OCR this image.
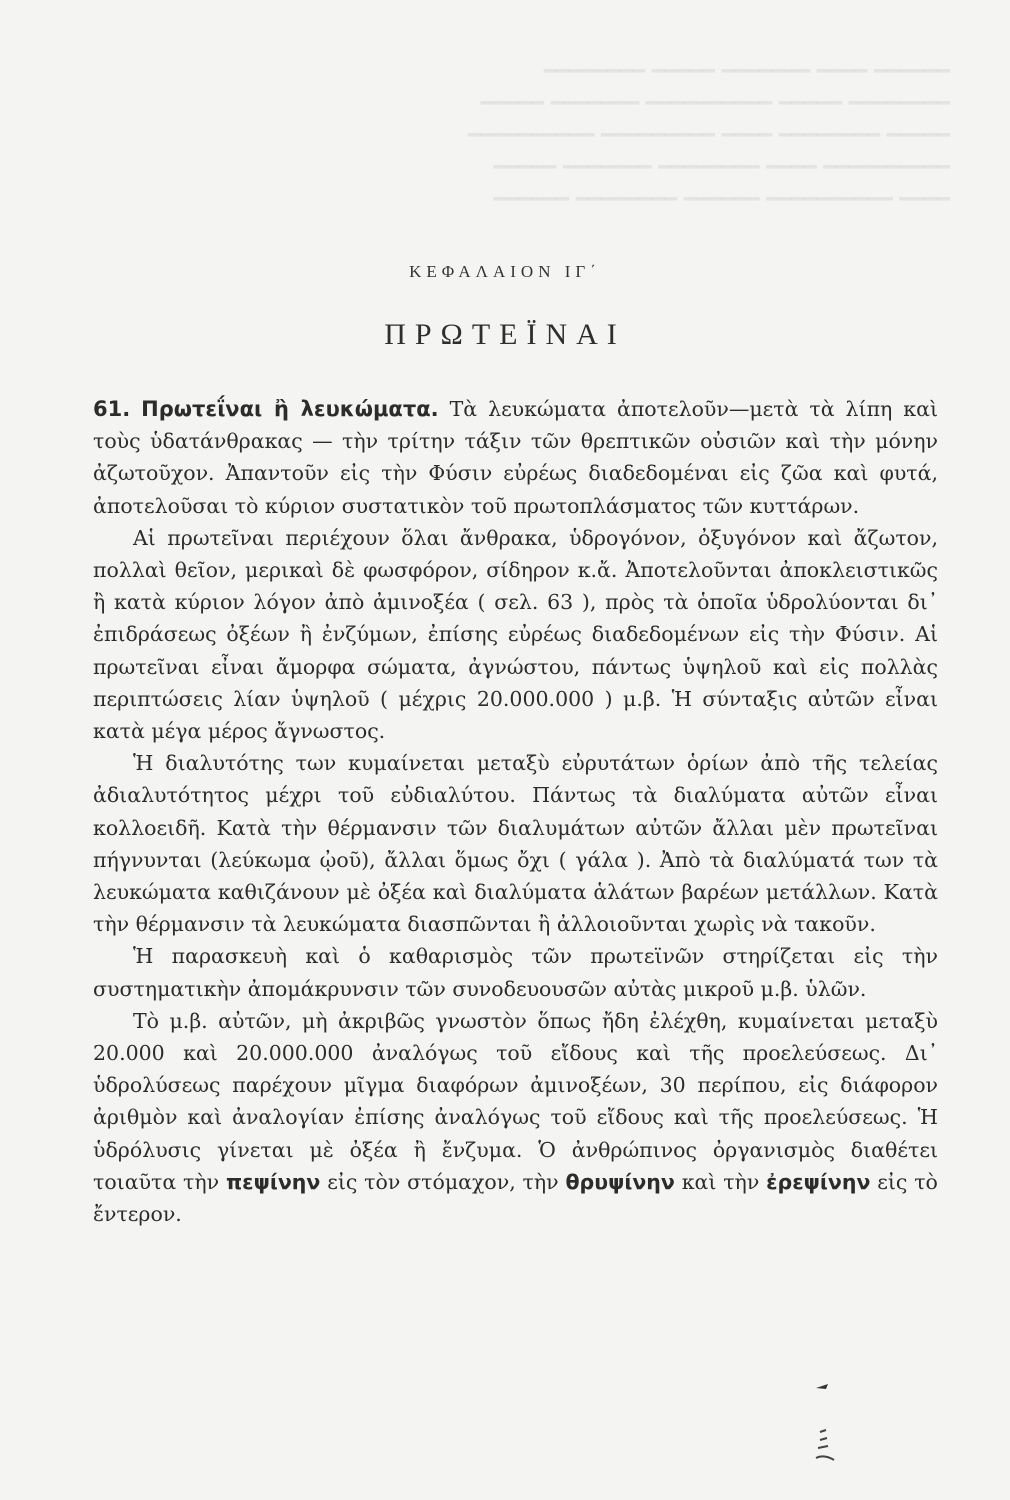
━━━━━━ ━━━━ ━━━━━━━ ━━━━━ ━━━━━━━━
━━━━━━━━ ━━━━━ ━━━━━━━━━━ ━━━━━━━ ━━━━━
━━━━━ ━━━━━━━━ ━━━━ ━━━━━━━━━ ━━━━━━━━━━
━━━━━━━━━━ ━━━━ ━━━━━━━━ ━━━━━━━ ━━━━━
━━━━ ━━━━━━━━━━ ━━━━━━ ━━━━━━━━ ━━━━━━
ΚΕΦΑΛΑΙΟΝ ΙΓ΄
ΠΡΩΤΕΪΝΑΙ

61. Πρωτεΐναι ἢ λευκώματα. Τὰ λευκώματα ἀποτελοῦν—μετὰ τὰ λίπη καὶ τοὺς ὑδατάνθρακας — τὴν τρίτην τάξιν τῶν θρεπτικῶν οὐσιῶν καὶ τὴν μόνην ἀζωτοῦχον. Ἀπαντοῦν εἰς τὴν Φύσιν εὐρέως διαδεδομέναι εἰς ζῶα καὶ φυτά, ἀποτελοῦσαι τὸ κύριον συστατικὸν τοῦ πρωτοπλάσματος τῶν κυττάρων.

Αἱ πρωτεῖναι περιέχουν ὅλαι ἄνθρακα, ὑδρογόνον, ὀξυγόνον καὶ ἄζωτον, πολλαὶ θεῖον, μερικαὶ δὲ φωσφόρον, σίδηρον κ.ἄ. Ἀποτελοῦνται ἀποκλειστικῶς ἢ κατὰ κύριον λόγον ἀπὸ ἀμινοξέα ( σελ. 63 ), πρὸς τὰ ὁποῖα ὑδρολύονται δι᾽ ἐπιδράσεως ὀξέων ἢ ἐνζύμων, ἐπίσης εὐρέως διαδεδομένων εἰς τὴν Φύσιν. Αἱ πρωτεῖναι εἶναι ἄμορφα σώματα, ἀγνώστου, πάντως ὑψηλοῦ καὶ εἰς πολλὰς περιπτώσεις λίαν ὑψηλοῦ ( μέχρις 20.000.000 ) μ.β. Ἡ σύνταξις αὐτῶν εἶναι κατὰ μέγα μέρος ἄγνωστος.

Ἡ διαλυτότης των κυμαίνεται μεταξὺ εὐρυτάτων ὁρίων ἀπὸ τῆς τελείας ἀδιαλυτότητος μέχρι τοῦ εὐδιαλύτου. Πάντως τὰ διαλύματα αὐτῶν εἶναι κολλοειδῆ. Κατὰ τὴν θέρμανσιν τῶν διαλυμάτων αὐτῶν ἄλλαι μὲν πρωτεῖναι πήγνυνται (λεύκωμα ᾠοῦ), ἄλλαι ὅμως ὄχι ( γάλα ). Ἀπὸ τὰ διαλύματά των τὰ λευκώματα καθιζάνουν μὲ ὀξέα καὶ διαλύματα ἁλάτων βαρέων μετάλλων. Κατὰ τὴν θέρμανσιν τὰ λευκώματα διασπῶνται ἢ ἀλλοιοῦνται χωρὶς νὰ τακοῦν.

Ἡ παρασκευὴ καὶ ὁ καθαρισμὸς τῶν πρωτεϊνῶν στηρίζεται εἰς τὴν συστηματικὴν ἀπομάκρυνσιν τῶν συνοδευουσῶν αὐτὰς μικροῦ μ.β. ὑλῶν.

Τὸ μ.β. αὐτῶν, μὴ ἀκριβῶς γνωστὸν ὅπως ἤδη ἐλέχθη, κυμαίνεται μεταξὺ 20.000 καὶ 20.000.000 ἀναλόγως τοῦ εἴδους καὶ τῆς προελεύσεως. Δι᾽ ὑδρολύσεως παρέχουν μῖγμα διαφόρων ἀμινοξέων, 30 περίπου, εἰς διάφορον ἀριθμὸν καὶ ἀναλογίαν ἐπίσης ἀναλόγως τοῦ εἴδους καὶ τῆς προελεύσεως. Ἡ ὑδρόλυσις γίνεται μὲ ὀξέα ἢ ἔνζυμα. Ὁ ἀνθρώπινος ὀργανισμὸς διαθέτει τοιαῦτα τὴν πεψίνην εἰς τὸν στόμαχον, τὴν θρυψίνην καὶ τὴν ἐρεψίνην εἰς τὸ ἔντερον.
